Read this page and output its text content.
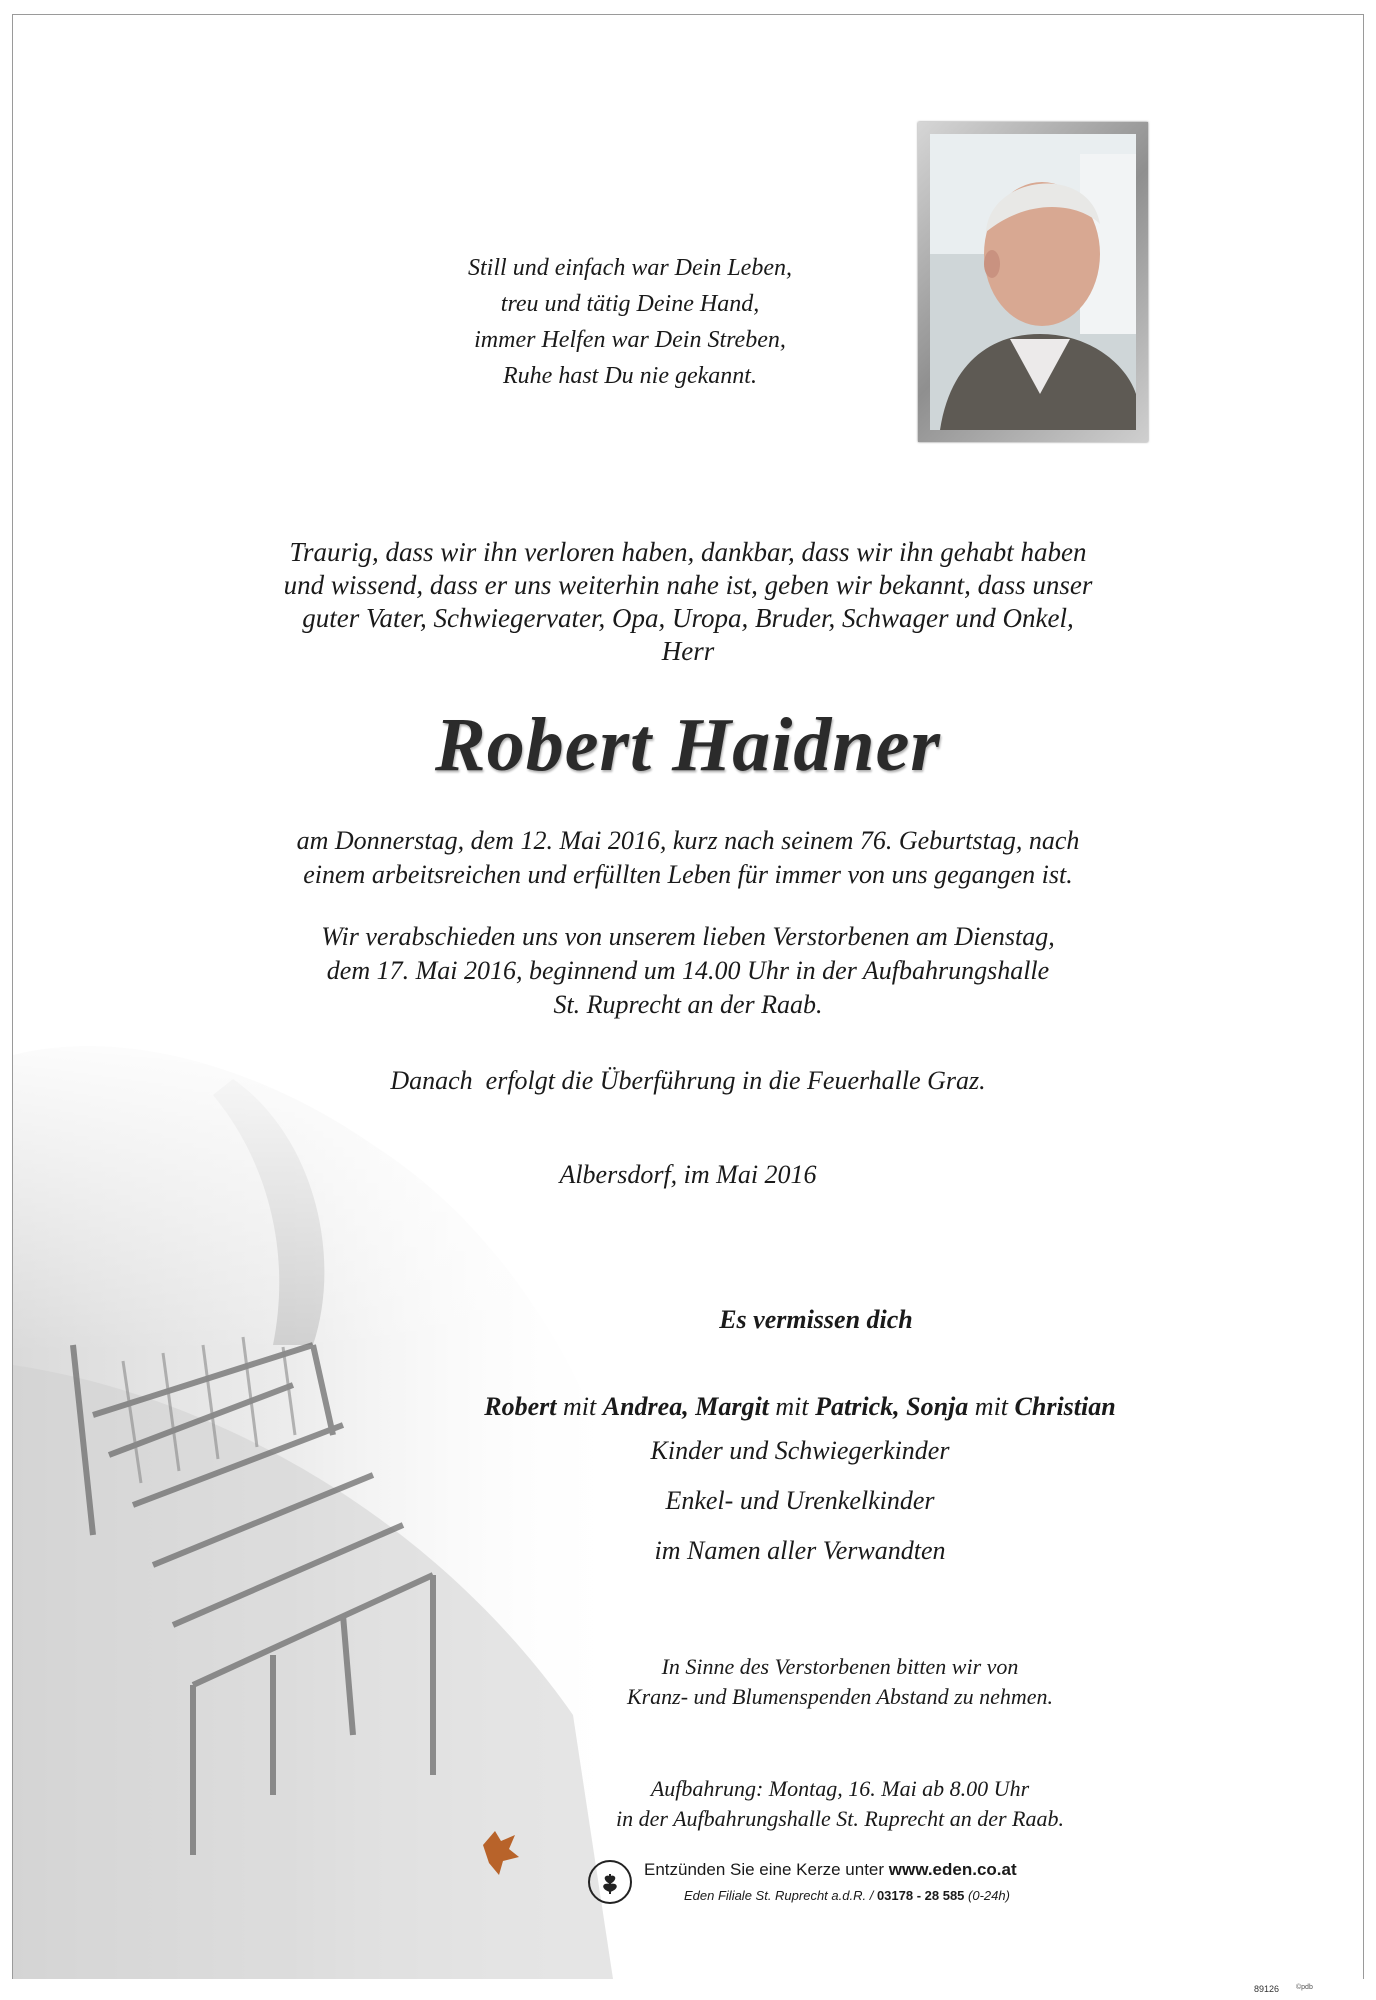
Still und einfach war Dein Leben,
treu und tätig Deine Hand,
immer Helfen war Dein Streben,
Ruhe hast Du nie gekannt.
Traurig, dass wir ihn verloren haben, dankbar, dass wir ihn gehabt haben
und wissend, dass er uns weiterhin nahe ist, geben wir bekannt, dass unser
guter Vater, Schwiegervater, Opa, Uropa, Bruder, Schwager und Onkel,
Herr
Robert Haidner
am Donnerstag, dem 12. Mai 2016, kurz nach seinem 76. Geburtstag, nach
einem arbeitsreichen und erfüllten Leben für immer von uns gegangen ist.
Wir verabschieden uns von unserem lieben Verstorbenen am Dienstag,
dem 17. Mai 2016, beginnend um 14.00 Uhr in der Aufbahrungshalle
St. Ruprecht an der Raab.
Danach  erfolgt die Überführung in die Feuerhalle Graz.
Albersdorf, im Mai 2016
Es vermissen dich
Robert mit Andrea, Margit mit Patrick, Sonja mit Christian
Kinder und Schwiegerkinder
Enkel- und Urenkelkinder
im Namen aller Verwandten
In Sinne des Verstorbenen bitten wir von
Kranz- und Blumenspenden Abstand zu nehmen.
Aufbahrung: Montag, 16. Mai ab 8.00 Uhr
in der Aufbahrungshalle St. Ruprecht an der Raab.
Entzünden Sie eine Kerze unter www.eden.co.at
Eden Filiale St. Ruprecht a.d.R. / 03178 - 28 585 (0-24h)
89126 ©pdb
